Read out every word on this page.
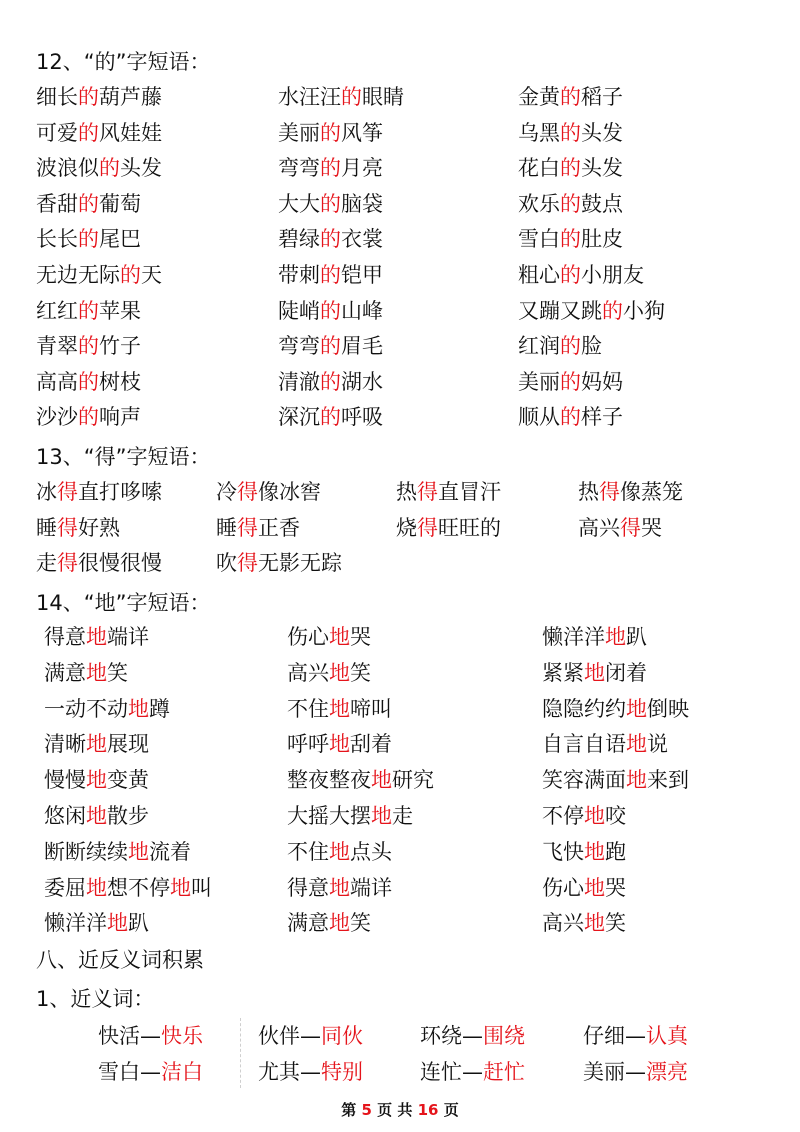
12、“的”字短语：
细长的葫芦藤	水汪汪的眼睛	金黄的稻子
可爱的风娃娃	美丽的风筝	乌黑的头发
波浪似的头发	弯弯的月亮	花白的头发
香甜的葡萄	大大的脑袋	欢乐的鼓点
长长的尾巴	碧绿的衣裳	雪白的肚皮
无边无际的天	带刺的铠甲	粗心的小朋友
红红的苹果	陡峭的山峰	又蹦又跳的小狗
青翠的竹子	弯弯的眉毛	红润的脸
高高的树枝	清澈的湖水	美丽的妈妈
沙沙的响声	深沉的呼吸	顺从的样子
13、“得”字短语：
冰得直打哆嗦	冷得像冰窖	热得直冒汗	热得像蒸笼
睡得好熟	睡得正香	烧得旺旺的	高兴得哭
走得很慢很慢	吹得无影无踪
14、“地”字短语：
得意地端详	伤心地哭	懒洋洋地趴
满意地笑	高兴地笑	紧紧地闭着
一动不动地蹲	不住地啼叫	隐隐约约地倒映
清晰地展现	呼呼地刮着	自言自语地说
慢慢地变黄	整夜整夜地研究	笑容满面地来到
悠闲地散步	大摇大摆地走	不停地咬
断断续续地流着	不住地点头	飞快地跑
委屈地想不停地叫	得意地端详	伤心地哭
懒洋洋地趴	满意地笑	高兴地笑
八、近反义词积累
1、近义词：
快活—快乐	伙伴—同伙	环绕—围绕	仔细—认真
雪白—洁白	尤其—特别	连忙—赶忙	美丽—漂亮
第 5 页 共 16 页
